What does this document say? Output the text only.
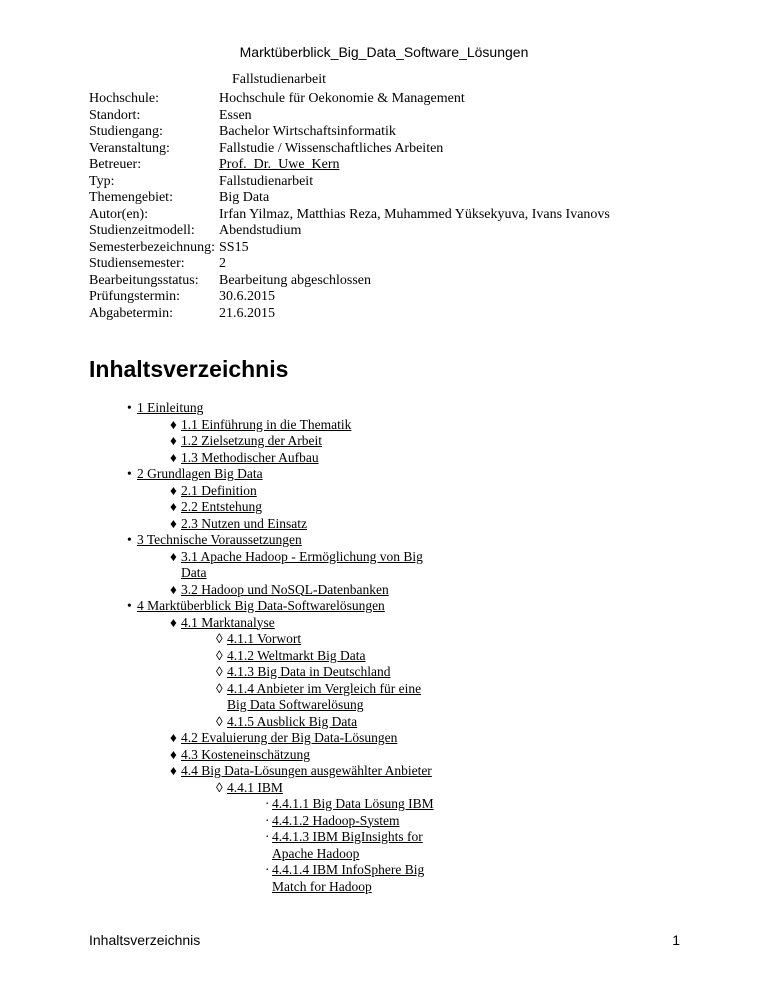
Marktüberblick_Big_Data_Software_Lösungen
Fallstudienarbeit
Hochschule:	Hochschule für Oekonomie & Management
Standort:	Essen
Studiengang:	Bachelor Wirtschaftsinformatik
Veranstaltung:	Fallstudie / Wissenschaftliches Arbeiten
Betreuer:	Prof._Dr._Uwe_Kern
Typ:	Fallstudienarbeit
Themengebiet:	Big Data
Autor(en):	Irfan Yilmaz, Matthias Reza, Muhammed Yüksekyuva, Ivans Ivanovs
Studienzeitmodell:	Abendstudium
Semesterbezeichnung:	SS15
Studiensemester:	2
Bearbeitungsstatus:	Bearbeitung abgeschlossen
Prüfungstermin:	30.6.2015
Abgabetermin:	21.6.2015
Inhaltsverzeichnis
• 1 Einleitung
♦ 1.1 Einführung in die Thematik
♦ 1.2 Zielsetzung der Arbeit
♦ 1.3 Methodischer Aufbau
• 2 Grundlagen Big Data
♦ 2.1 Definition
♦ 2.2 Entstehung
♦ 2.3 Nutzen und Einsatz
• 3 Technische Voraussetzungen
♦ 3.1 Apache Hadoop - Ermöglichung von Big
Data
♦ 3.2 Hadoop und NoSQL-Datenbanken
• 4 Marktüberblick Big Data-Softwarelösungen
♦ 4.1 Marktanalyse
◊ 4.1.1 Vorwort
◊ 4.1.2 Weltmarkt Big Data
◊ 4.1.3 Big Data in Deutschland
◊ 4.1.4 Anbieter im Vergleich für eine
Big Data Softwarelösung
◊ 4.1.5 Ausblick Big Data
♦ 4.2 Evaluierung der Big Data-Lösungen
♦ 4.3 Kosteneinschätzung
♦ 4.4 Big Data-Lösungen ausgewählter Anbieter
◊ 4.4.1 IBM
· 4.4.1.1 Big Data Lösung IBM
· 4.4.1.2 Hadoop-System
· 4.4.1.3 IBM BigInsights for
Apache Hadoop
· 4.4.1.4 IBM InfoSphere Big
Match for Hadoop
Inhaltsverzeichnis	1
